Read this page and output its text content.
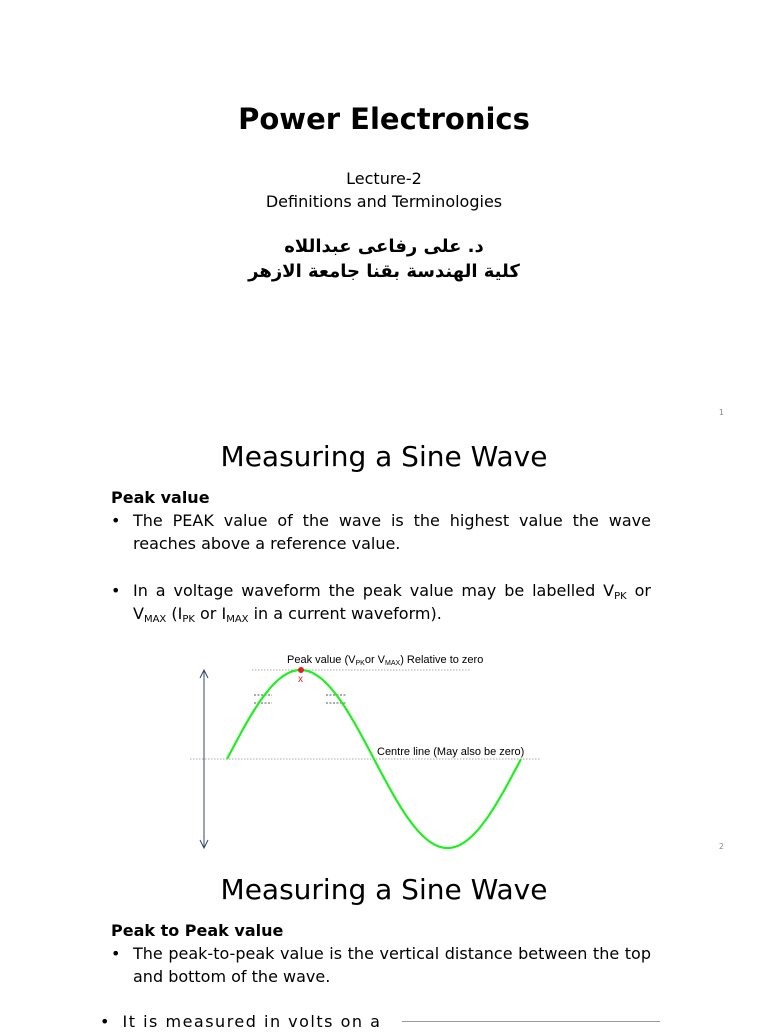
Power Electronics
Lecture-2
Definitions and Terminologies
د. على رفاعى عبداللاه
كلية الهندسة بقنا جامعة الازهر
1
Measuring a Sine Wave
Peak value
• The PEAK value of the wave is the highest value the wave reaches above a reference value.
• In a voltage waveform the peak value may be labelled $V_{PK}$ or $V_{MAX}$ ($I_{PK}$ or $I_{MAX}$ in a current waveform).
x
Peak value (VPKor VMAX) Relative to zero
Centre line (May also be zero)
2
Measuring a Sine Wave
Peak to Peak value
• The peak-to-peak value is the vertical distance between the top and bottom of the wave.
• It is measured in volts on a
